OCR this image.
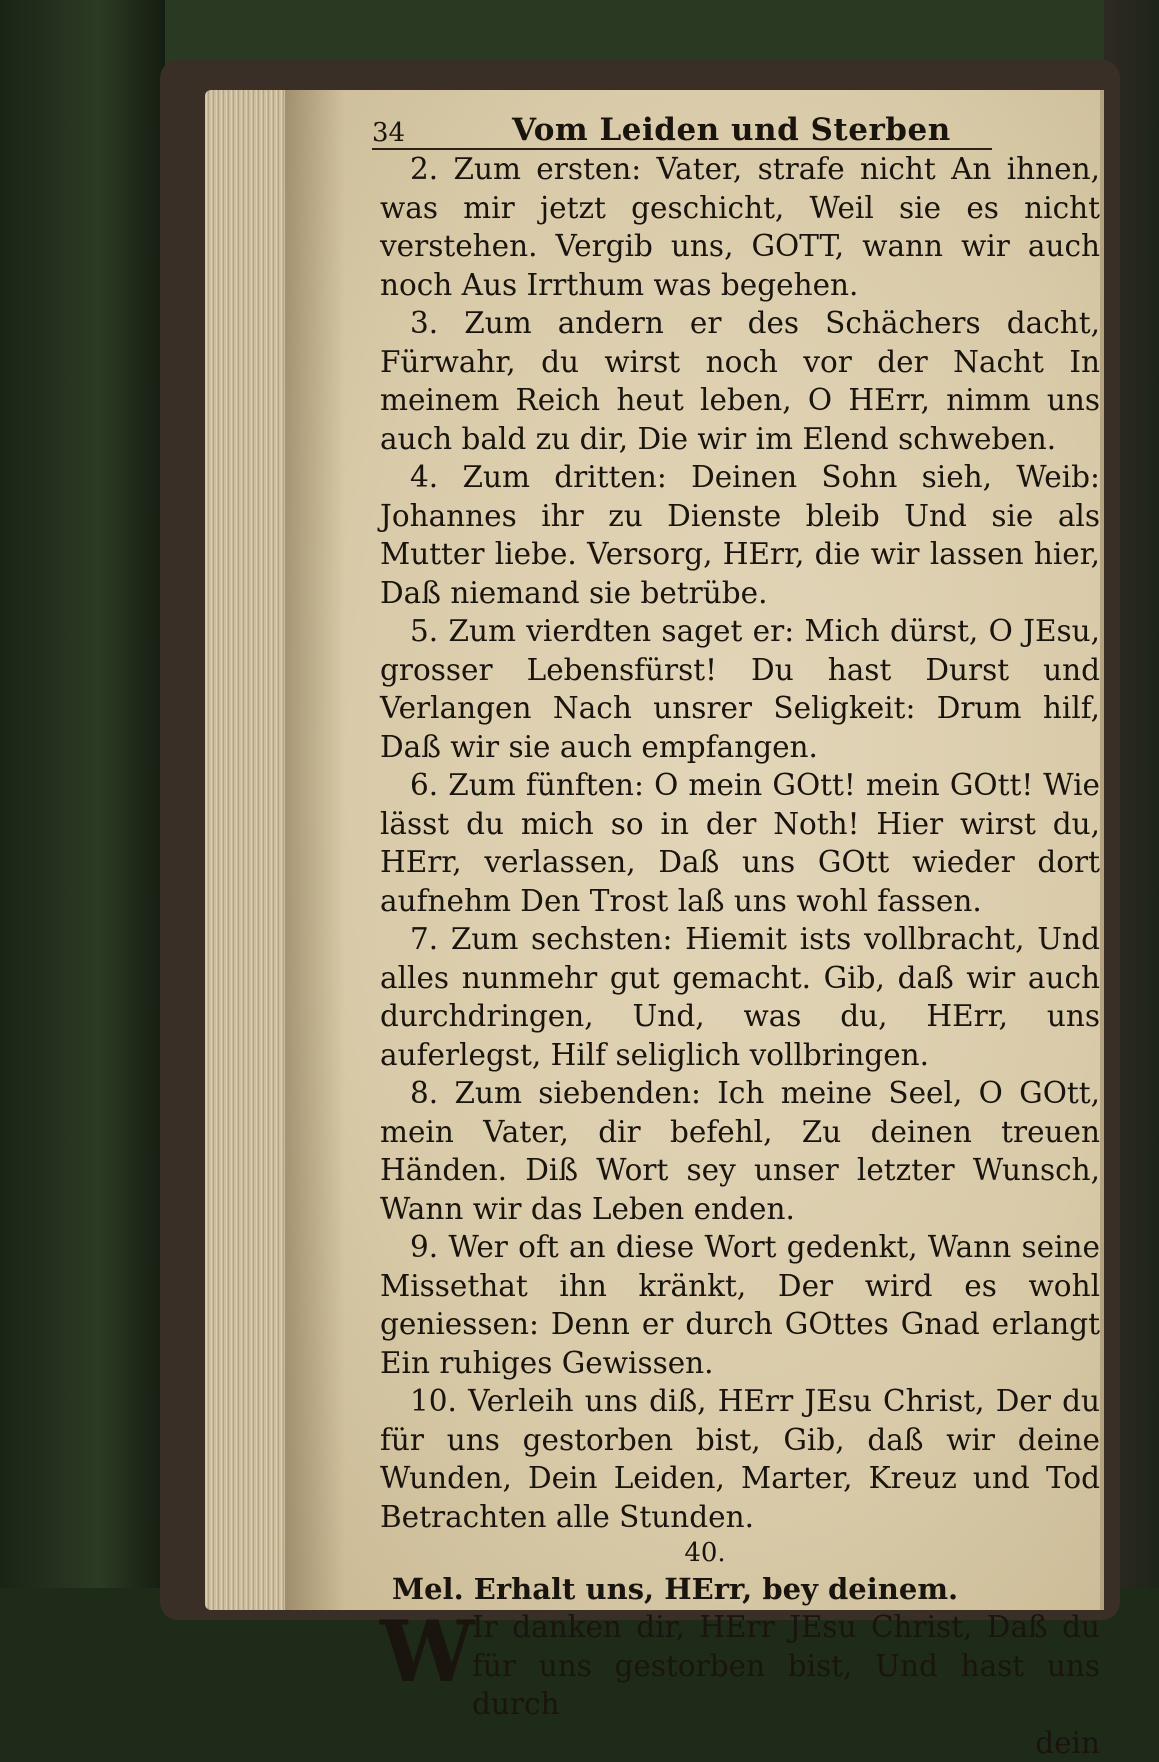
34	Vom Leiden und Sterben

2. Zum ersten: Vater, strafe nicht An ihnen, was mir jetzt geschicht, Weil sie es nicht verstehen. Vergib uns, GOTT, wann wir auch noch Aus Irrthum was begehen.

3. Zum andern er des Schächers dacht, Fürwahr, du wirst noch vor der Nacht In meinem Reich heut leben, O HErr, nimm uns auch bald zu dir, Die wir im Elend schweben.

4. Zum dritten: Deinen Sohn sieh, Weib: Johannes ihr zu Dienste bleib Und sie als Mutter liebe. Versorg, HErr, die wir lassen hier, Daß niemand sie betrübe.

5. Zum vierdten saget er: Mich dürst, O JEsu, grosser Lebensfürst! Du hast Durst und Verlangen Nach unsrer Seligkeit: Drum hilf, Daß wir sie auch empfangen.

6. Zum fünften: O mein GOtt! mein GOtt! Wie lässt du mich so in der Noth! Hier wirst du, HErr, verlassen, Daß uns GOtt wieder dort aufnehm Den Trost laß uns wohl fassen.

7. Zum sechsten: Hiemit ists vollbracht, Und alles nunmehr gut gemacht. Gib, daß wir auch durchdringen, Und, was du, HErr, uns auferlegst, Hilf seliglich vollbringen.

8. Zum siebenden: Ich meine Seel, O GOtt, mein Vater, dir befehl, Zu deinen treuen Händen. Diß Wort sey unser letzter Wunsch, Wann wir das Leben enden.

9. Wer oft an diese Wort gedenkt, Wann seine Missethat ihn kränkt, Der wird es wohl geniessen: Denn er durch GOttes Gnad erlangt Ein ruhiges Gewissen.

10. Verleih uns diß, HErr JEsu Christ, Der du für uns gestorben bist, Gib, daß wir deine Wunden, Dein Leiden, Marter, Kreuz und Tod Betrachten alle Stunden.

40.

Mel. Erhalt uns, HErr, bey deinem.

W
Ir danken dir, HErr JEsu Christ, Daß du für uns gestorben bist, Und hast uns durch
dein
